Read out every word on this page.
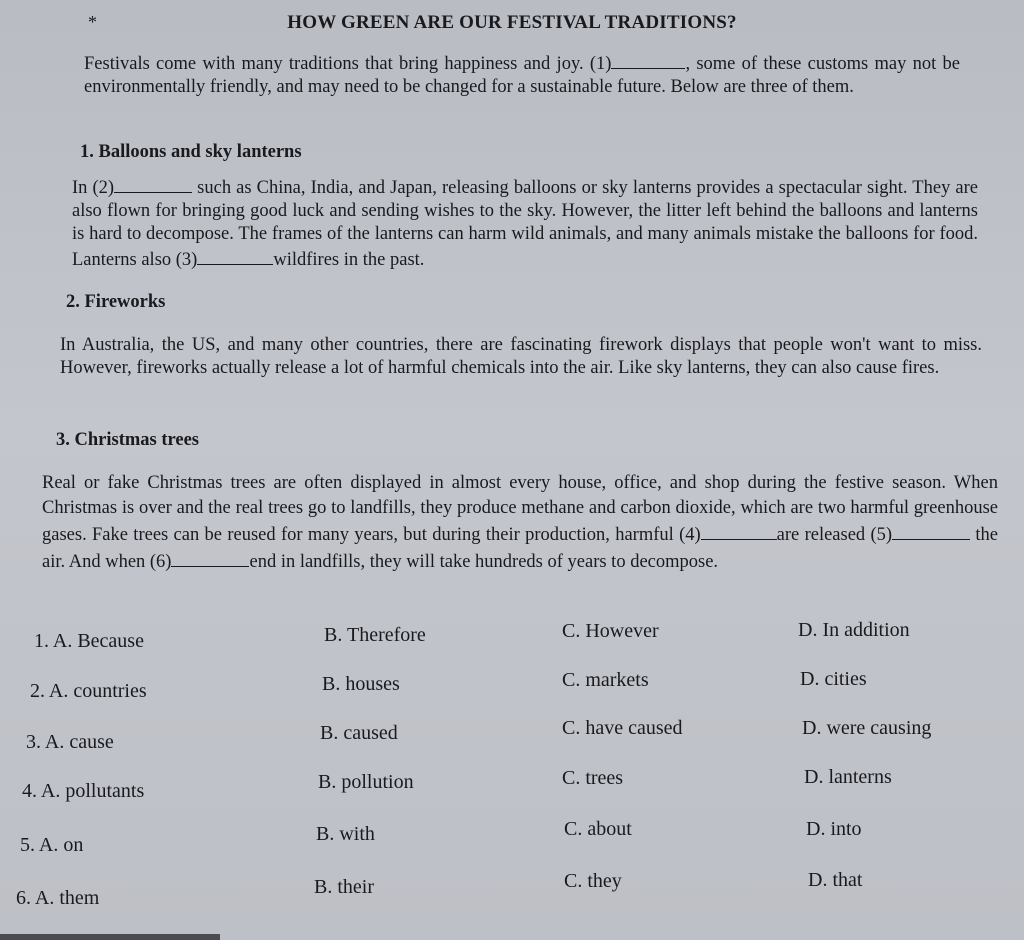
*	HOW GREEN ARE OUR FESTIVAL TRADITIONS?
Festivals come with many traditions that bring happiness and joy. (1)	, some of these customs may not be environmentally friendly, and may need to be changed for a sustainable future. Below are three of them.
1. Balloons and sky lanterns
In (2)	such as China, India, and Japan, releasing balloons or sky lanterns provides a spectacular sight. They are also flown for bringing good luck and sending wishes to the sky. However, the litter left behind the balloons and lanterns is hard to decompose. The frames of the lanterns can harm wild animals, and many animals mistake the balloons for food. Lanterns also (3)	wildfires in the past.
2. Fireworks
In Australia, the US, and many other countries, there are fascinating firework displays that people won't want to miss. However, fireworks actually release a lot of harmful chemicals into the air. Like sky lanterns, they can also cause fires.
3. Christmas trees
Real or fake Christmas trees are often displayed in almost every house, office, and shop during the festive season. When Christmas is over and the real trees go to landfills, they produce methane and carbon dioxide, which are two harmful greenhouse gases. Fake trees can be reused for many years, but during their production, harmful (4)	are released (5)	the air. And when (6)	end in landfills, they will take hundreds of years to decompose.
1. A. Because	B. Therefore	C. However	D. In addition
2. A. countries	B. houses	C. markets	D. cities
3. A. cause	B. caused	C. have caused	D. were causing
4. A. pollutants	B. pollution	C. trees	D. lanterns
5. A. on	B. with	C. about	D. into
6. A. them	B. their	C. they	D. that
